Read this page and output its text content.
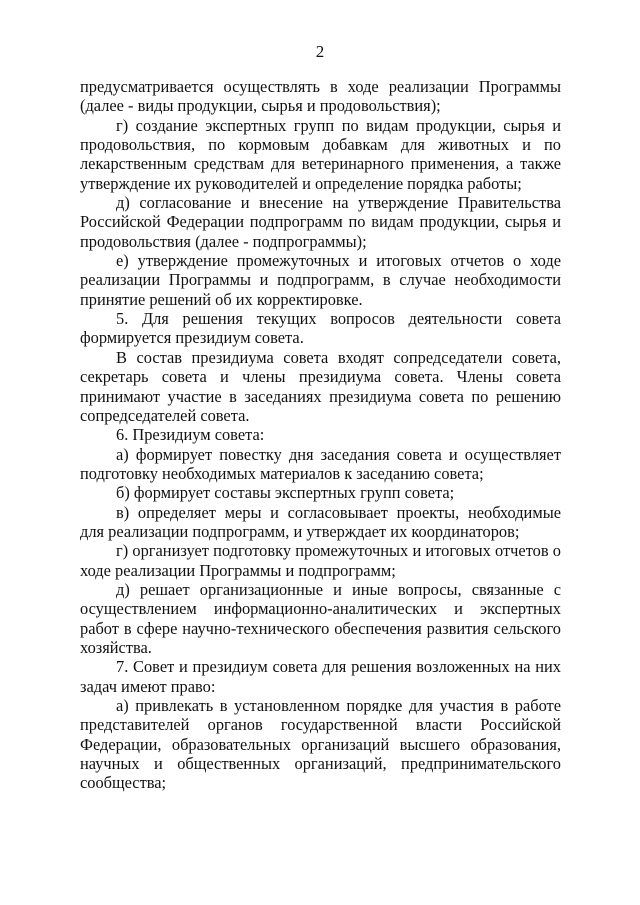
2

предусматривается осуществлять в ходе реализации Программы (далее - виды продукции, сырья и продовольствия);

г) создание экспертных групп по видам продукции, сырья и продовольствия, по кормовым добавкам для животных и по лекарственным средствам для ветеринарного применения, а также утверждение их руководителей и определение порядка работы;

д) согласование и внесение на утверждение Правительства Российской Федерации подпрограмм по видам продукции, сырья и продовольствия (далее - подпрограммы);

е) утверждение промежуточных и итоговых отчетов о ходе реализации Программы и подпрограмм, в случае необходимости принятие решений об их корректировке.

5. Для решения текущих вопросов деятельности совета формируется президиум совета.

В состав президиума совета входят сопредседатели совета, секретарь совета и члены президиума совета. Члены совета принимают участие в заседаниях президиума совета по решению сопредседателей совета.

6. Президиум совета:

а) формирует повестку дня заседания совета и осуществляет подготовку необходимых материалов к заседанию совета;

б) формирует составы экспертных групп совета;

в) определяет меры и согласовывает проекты, необходимые для реализации подпрограмм, и утверждает их координаторов;

г) организует подготовку промежуточных и итоговых отчетов о ходе реализации Программы и подпрограмм;

д) решает организационные и иные вопросы, связанные с осуществлением информационно-аналитических и экспертных работ в сфере научно-технического обеспечения развития сельского хозяйства.

7. Совет и президиум совета для решения возложенных на них задач имеют право:

а) привлекать в установленном порядке для участия в работе представителей органов государственной власти Российской Федерации, образовательных организаций высшего образования, научных и общественных организаций, предпринимательского сообщества;
